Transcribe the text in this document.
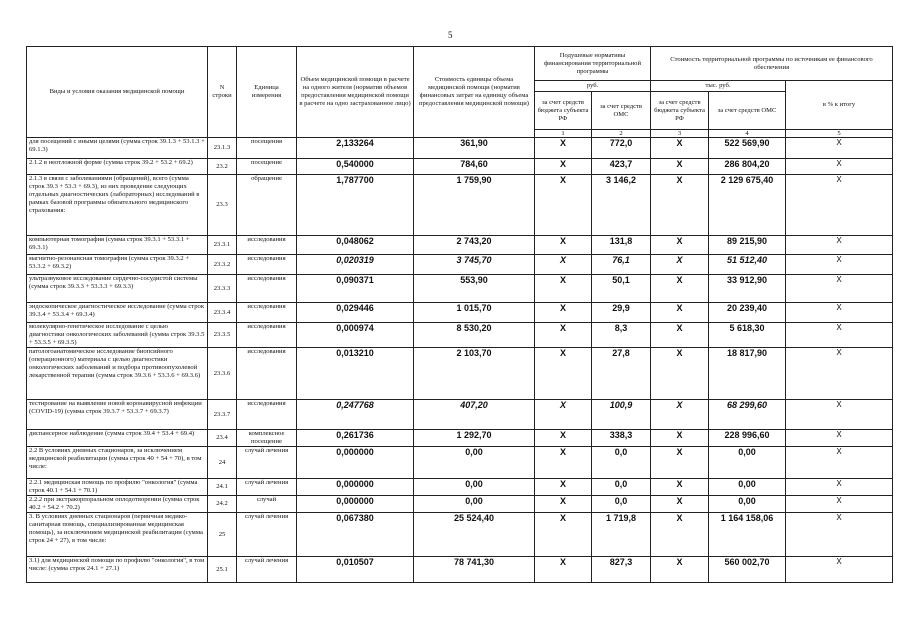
5
Виды и условия оказания медицинской помощи	N строки	Единица измерения	Объем медицинской помощи в расчете на одного жителя (норматив объемов предоставления медицинской помощи в расчете на одно застрахованное лицо)	Стоимость единицы объема медицинской помощи (норматив финансовых затрат на единицу объема предоставления медицинской помощи)	Подушевые нормативы финансирования территориальной программы		Стоимость территориальной программы по источникам ее финансового обеспечения			
					руб.		тыс. руб.		в % к итогу	
					за счет средств бюджета субъекта РФ	за счет средств ОМС	за счет средств бюджета субъекта РФ	за счет средств ОМС		
					1	2	3	4	5					
для посещений с иными целями (сумма строк 39.1.3 + 53.1.3 + 69.1.3)	23.1.3	посещения	2,133264	361,90	X	772,0	X	522 569,90	X	
2.1.2 в неотложной форме (сумма строк 39.2 + 53.2 + 69.2)	23.2	посещение	0,540000	784,60	X	423,7	X	286 804,20	X	
2.1.3 в связи с заболеваниями (обращений), всего (сумма строк 39.3 + 53.3 + 69.3), из них проведение следующих отдельных диагностических (лабораторных) исследований в рамках базовой программы обязательного медицинского страхования:	23.3	обращение	1,787700	1 759,90	X	3 146,2	X	2 129 675,40	X	
компьютерная томография (сумма строк 39.3.1 + 53.3.1 + 69.3.1)	23.3.1	исследования	0,048062	2 743,20	X	131,8	X	89 215,90	X	
магнитно-резонансная томография (сумма строк 39.3.2 + 53.3.2 + 69.3.2)	23.3.2	исследования	0,020319	3 745,70	X	76,1	X	51 512,40	X	
ультразвуковое исследование сердечно-сосудистой системы (сумма строк 39.3.3 + 53.3.3 + 69.3.3)	23.3.3	исследования	0,090371	553,90	X	50,1	X	33 912,90	X	
эндоскопическое диагностическое исследование (сумма строк 39.3.4 + 53.3.4 + 69.3.4)	23.3.4	исследования	0,029446	1 015,70	X	29,9	X	20 239,40	X	
молекулярно-генетическое исследование с целью диагностики онкологических заболеваний (сумма строк 39.3.5 + 53.3.5 + 69.3.5)	23.3.5	исследования	0,000974	8 530,20	X	8,3	X	5 618,30	X	
патологоанатомическое исследование биопсийного (операционного) материала с целью диагностики онкологических заболеваний и подбора противоопухолевой лекарственной терапии (сумма строк 39.3.6 + 53.3.6 + 69.3.6)	23.3.6	исследования	0,013210	2 103,70	X	27,8	X	18 817,90	X	
тестирование на выявление новой коронавирусной инфекции (COVID-19) (сумма строк 39.3.7 + 53.3.7 + 69.3.7)	23.3.7	исследования	0,247768	407,20	X	100,9	X	68 299,60	X	
диспансерное наблюдение (сумма строк 39.4 + 53.4 + 69.4)	23.4	комплексное посещение	0,261736	1 292,70	X	338,3	X	228 996,60	X	
2.2 В условиях дневных стационаров, за исключением медицинской реабилитации (сумма строк 40 + 54 + 70), в том числе:	24	случай лечения	0,000000	0,00	X	0,0	X	0,00	X	
2.2.1 медицинская помощь по профилю "онкология" (сумма строк 40.1 + 54.1 + 70.1)	24.1	случай лечения	0,000000	0,00	X	0,0	X	0,00	X	
2.2.2 при экстракорпоральном оплодотворении (сумма строк 40.2 + 54.2 + 70.2)	24.2	случай	0,000000	0,00	X	0,0	X	0,00	X	
3. В условиях дневных стационаров (первичная медико-санитарная помощь, специализированная медицинская помощь), за исключением медицинской реабилитации (сумма строк 24 + 27), в том числе:	25	случай лечения	0,067380	25 524,40	X	1 719,8	X	1 164 158,06	X	
3.1) для медицинской помощи по профилю "онкология", в том числе: (сумма строк 24.1 + 27.1)	25.1	случай лечения	0,010507	78 741,30	X	827,3	X	560 002,70	X	
